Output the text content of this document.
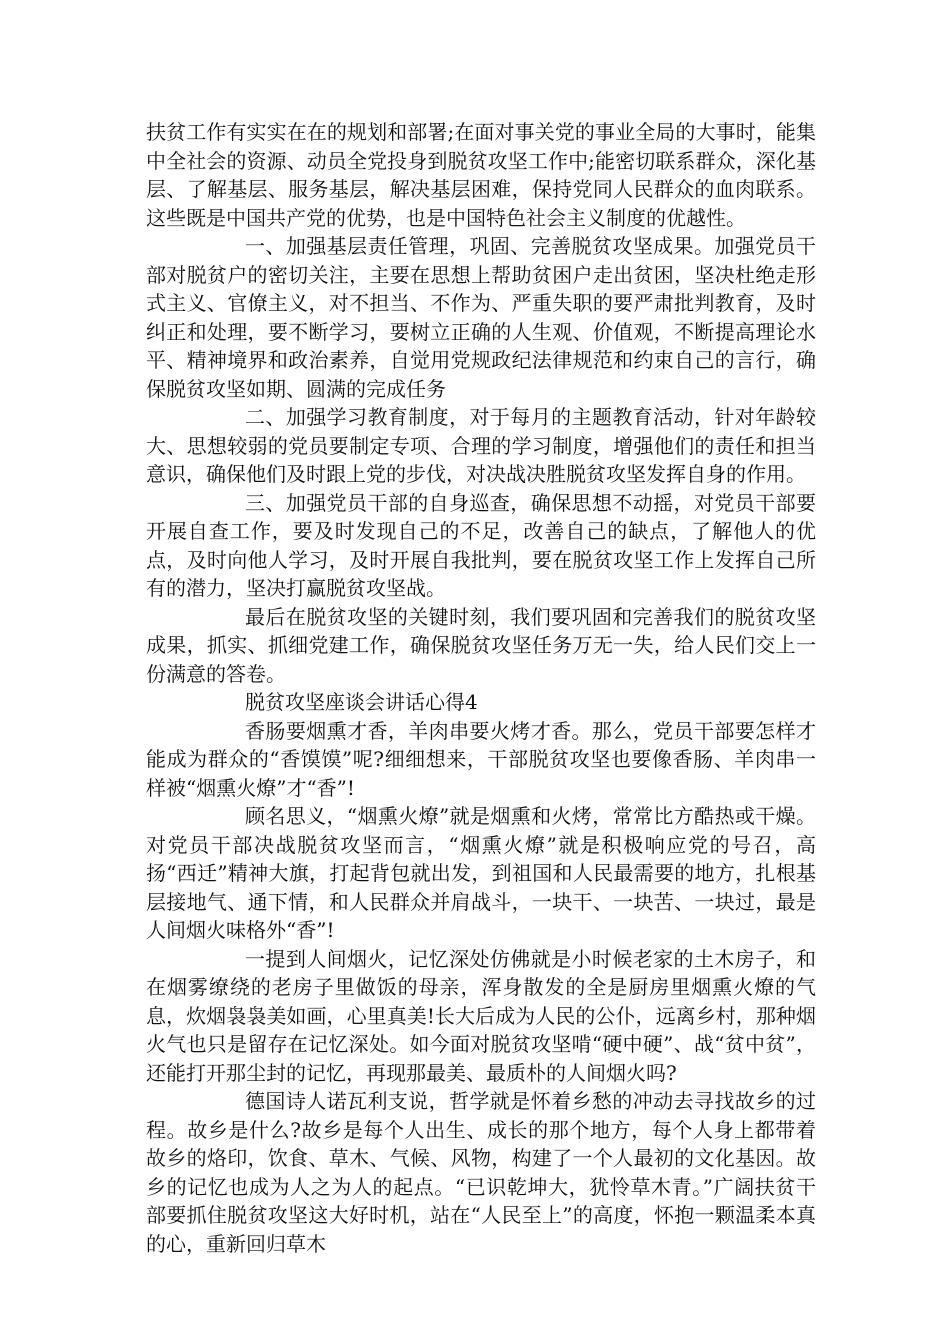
扶贫工作有实实在在的规划和部署;在面对事关党的事业全局的大事时，能集中全社会的资源、动员全党投身到脱贫攻坚工作中;能密切联系群众，深化基层、了解基层、服务基层，解决基层困难，保持党同人民群众的血肉联系。这些既是中国共产党的优势，也是中国特色社会主义制度的优越性。

一、加强基层责任管理，巩固、完善脱贫攻坚成果。加强党员干部对脱贫户的密切关注，主要在思想上帮助贫困户走出贫困，坚决杜绝走形式主义、官僚主义，对不担当、不作为、严重失职的要严肃批判教育，及时纠正和处理，要不断学习，要树立正确的人生观、价值观，不断提高理论水平、精神境界和政治素养，自觉用党规政纪法律规范和约束自己的言行，确保脱贫攻坚如期、圆满的完成任务

二、加强学习教育制度，对于每月的主题教育活动，针对年龄较大、思想较弱的党员要制定专项、合理的学习制度，增强他们的责任和担当意识，确保他们及时跟上党的步伐，对决战决胜脱贫攻坚发挥自身的作用。

三、加强党员干部的自身巡查，确保思想不动摇，对党员干部要开展自查工作，要及时发现自己的不足，改善自己的缺点，了解他人的优点，及时向他人学习，及时开展自我批判，要在脱贫攻坚工作上发挥自己所有的潜力，坚决打赢脱贫攻坚战。

最后在脱贫攻坚的关键时刻，我们要巩固和完善我们的脱贫攻坚成果，抓实、抓细党建工作，确保脱贫攻坚任务万无一失，给人民们交上一份满意的答卷。

脱贫攻坚座谈会讲话心得4

香肠要烟熏才香，羊肉串要火烤才香。那么，党员干部要怎样才能成为群众的“香馍馍”呢?细细想来，干部脱贫攻坚也要像香肠、羊肉串一样被“烟熏火燎”才“香”!

顾名思义，“烟熏火燎”就是烟熏和火烤，常常比方酷热或干燥。对党员干部决战脱贫攻坚而言，“烟熏火燎”就是积极响应党的号召，高扬“西迁”精神大旗，打起背包就出发，到祖国和人民最需要的地方，扎根基层接地气、通下情，和人民群众并肩战斗，一块干、一块苦、一块过，最是人间烟火味格外“香”!

一提到人间烟火，记忆深处仿佛就是小时候老家的土木房子，和在烟雾缭绕的老房子里做饭的母亲，浑身散发的全是厨房里烟熏火燎的气息，炊烟袅袅美如画，心里真美!长大后成为人民的公仆，远离乡村，那种烟火气也只是留存在记忆深处。如今面对脱贫攻坚啃“硬中硬”、战“贫中贫”，还能打开那尘封的记忆，再现那最美、最质朴的人间烟火吗?

德国诗人诺瓦利支说，哲学就是怀着乡愁的冲动去寻找故乡的过程。故乡是什么?故乡是每个人出生、成长的那个地方，每个人身上都带着故乡的烙印，饮食、草木、气候、风物，构建了一个人最初的文化基因。故乡的记忆也成为人之为人的起点。“已识乾坤大，犹怜草木青。”广阔扶贫干部要抓住脱贫攻坚这大好时机，站在“人民至上”的高度，怀抱一颗温柔本真的心，重新回归草木
